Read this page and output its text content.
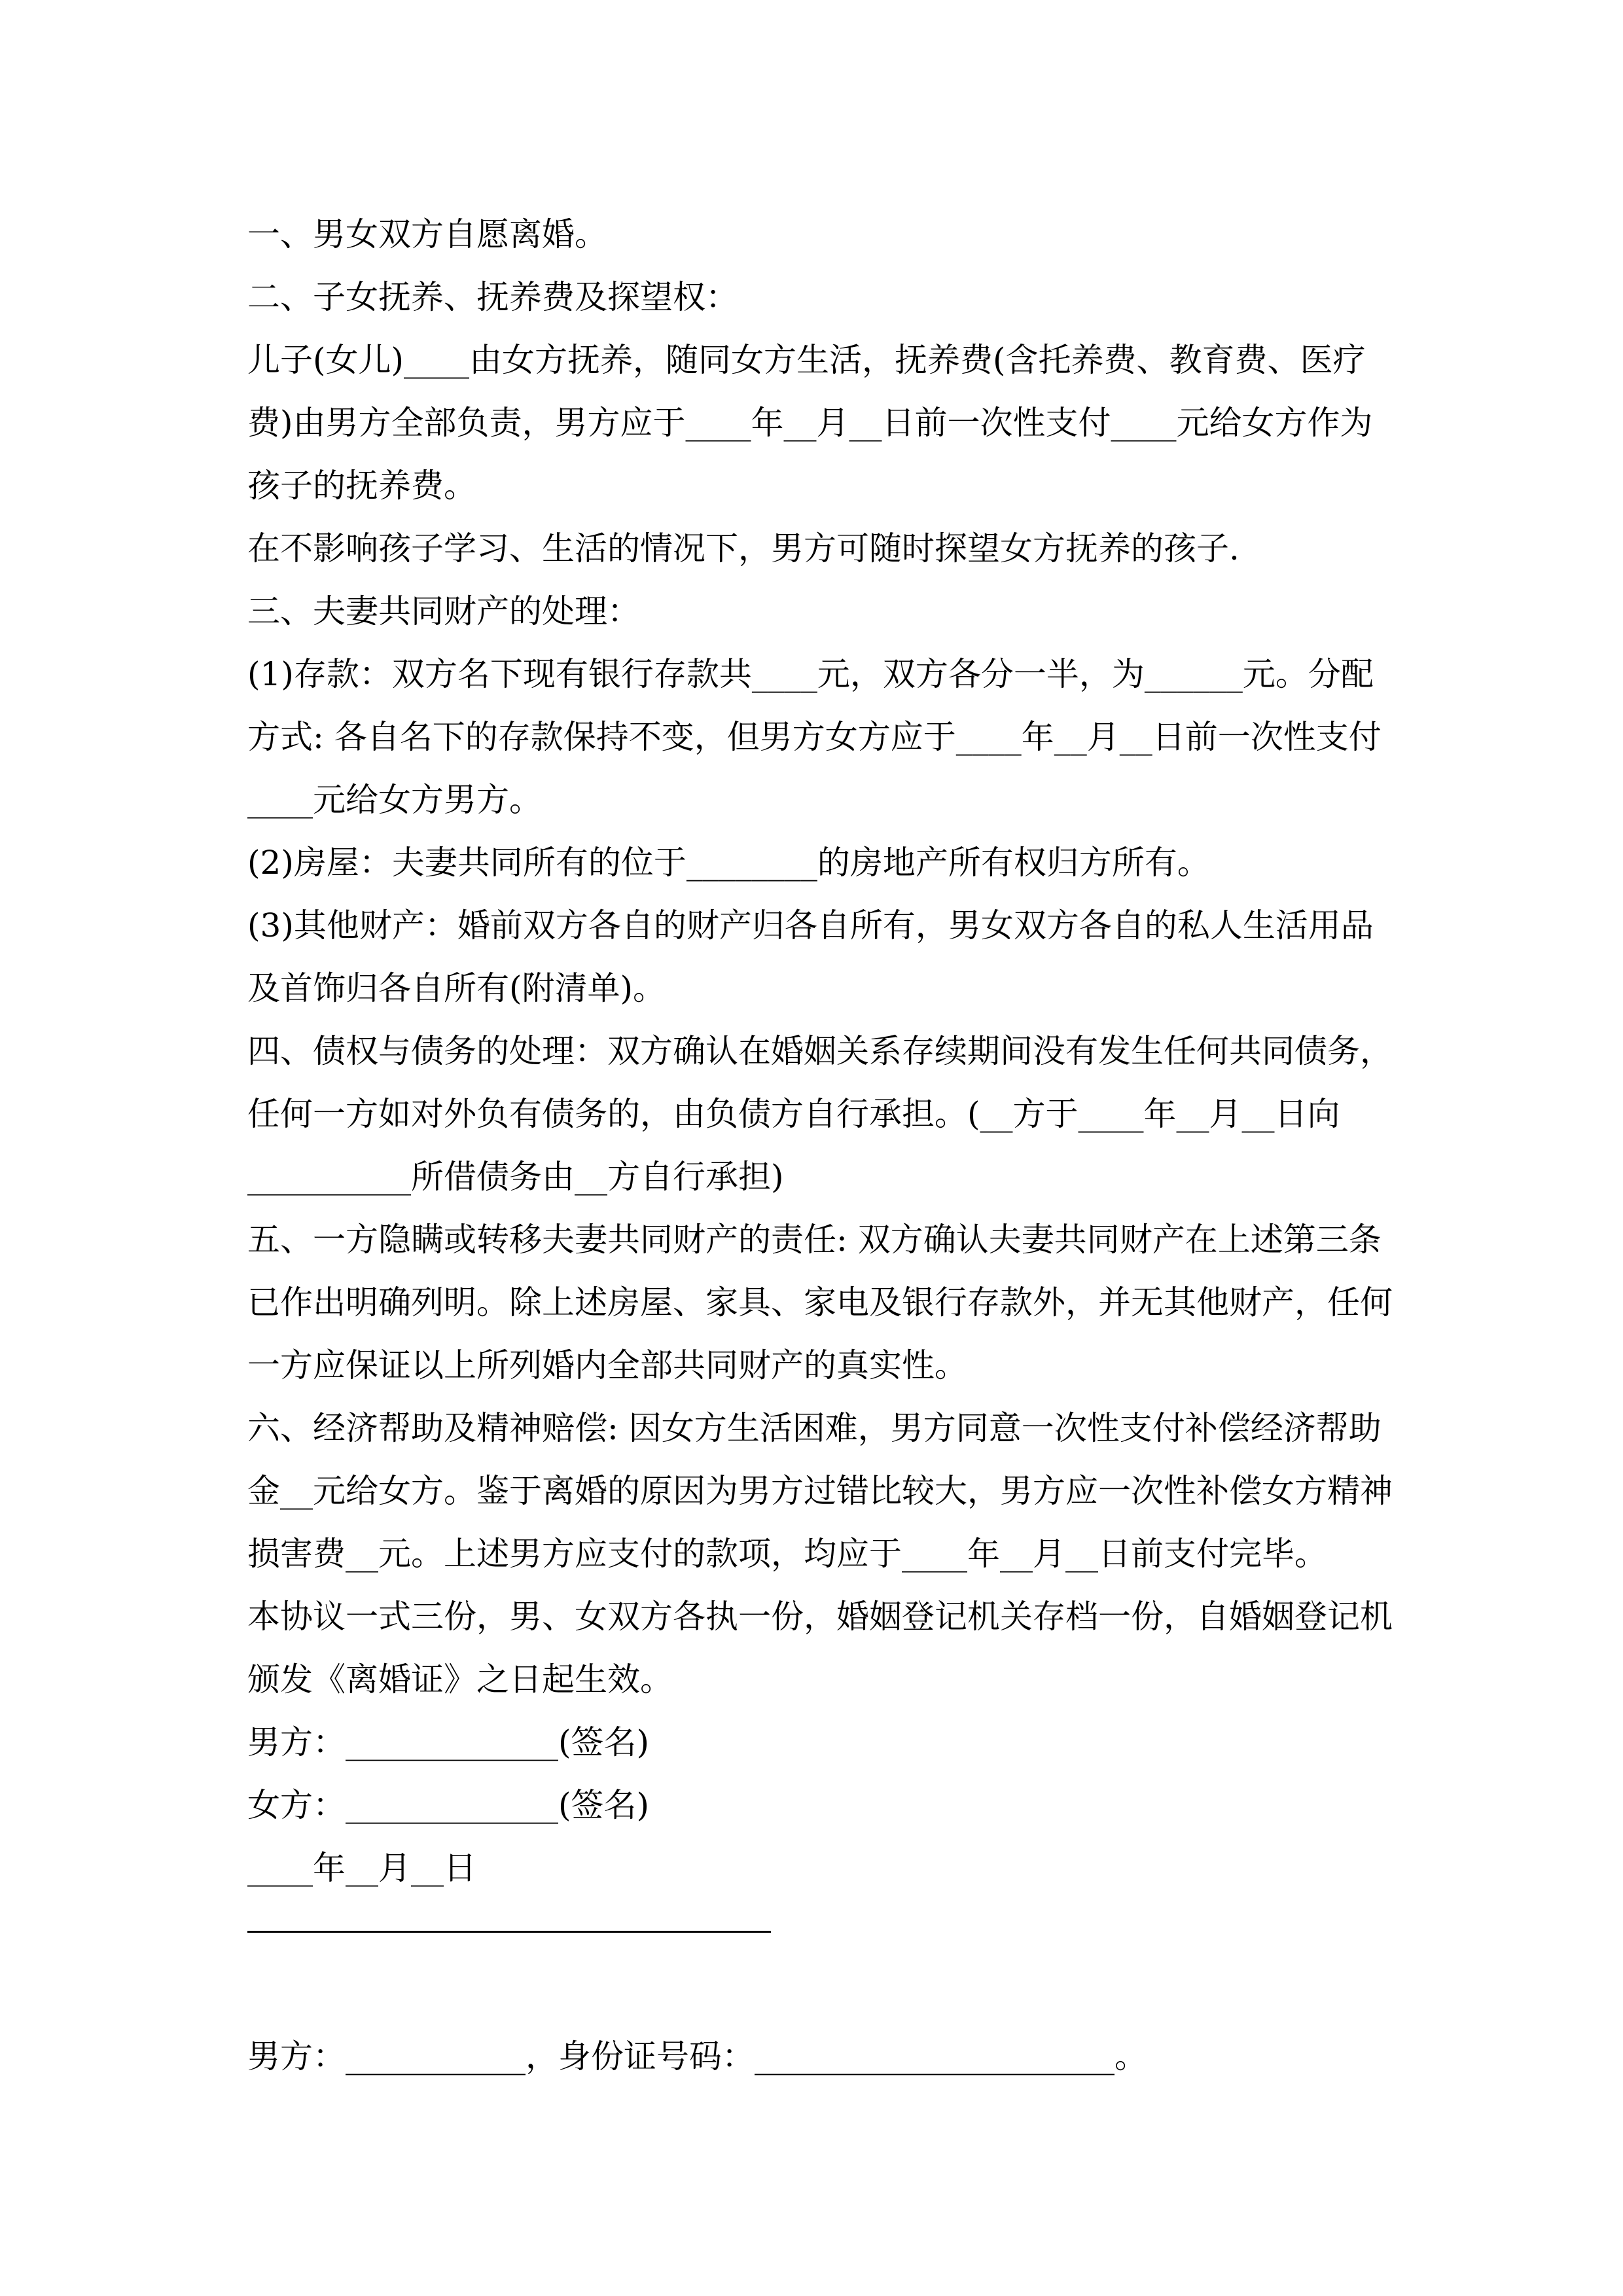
一、男女双方自愿离婚。
二、子女抚养、抚养费及探望权：
儿子(女儿)____由女方抚养，随同女方生活，抚养费(含托养费、教育费、医疗
费)由男方全部负责，男方应于____年__月__日前一次性支付____元给女方作为
孩子的抚养费。
在不影响孩子学习、生活的情况下，男方可随时探望女方抚养的孩子.
三、夫妻共同财产的处理：
(1)存款：双方名下现有银行存款共____元，双方各分一半，为______元。分配
方式: 各自名下的存款保持不变，但男方女方应于____年__月__日前一次性支付
____元给女方男方。
(2)房屋：夫妻共同所有的位于________的房地产所有权归方所有。
(3)其他财产：婚前双方各自的财产归各自所有，男女双方各自的私人生活用品
及首饰归各自所有(附清单)。
四、债权与债务的处理：双方确认在婚姻关系存续期间没有发生任何共同债务，
任何一方如对外负有债务的，由负债方自行承担。(__方于____年__月__日向
__________所借债务由__方自行承担)
五、一方隐瞒或转移夫妻共同财产的责任: 双方确认夫妻共同财产在上述第三条
已作出明确列明。除上述房屋、家具、家电及银行存款外，并无其他财产，任何
一方应保证以上所列婚内全部共同财产的真实性。
六、经济帮助及精神赔偿: 因女方生活困难，男方同意一次性支付补偿经济帮助
金__元给女方。鉴于离婚的原因为男方过错比较大，男方应一次性补偿女方精神
损害费__元。上述男方应支付的款项，均应于____年__月__日前支付完毕。
本协议一式三份，男、女双方各执一份，婚姻登记机关存档一份，自婚姻登记机
颁发《离婚证》之日起生效。
男方：_____________(签名)
女方：_____________(签名)
____年__月__日
男方：___________，身份证号码：______________________。
